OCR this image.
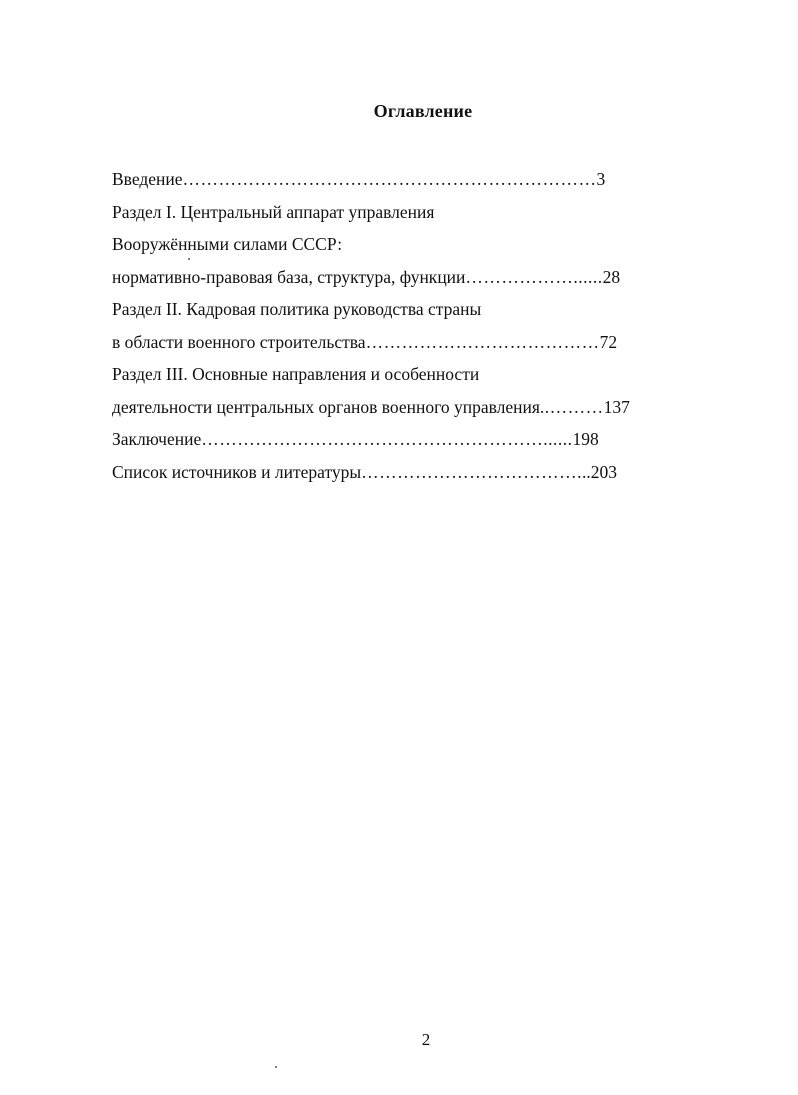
Оглавление
Введение……………………………………………………………3
Раздел I. Центральный аппарат управления
Вооружёнными силами СССР:
нормативно-правовая база, структура, функции………………......28
Раздел II. Кадровая политика руководства страны
в области военного строительства…………………………………72
Раздел III. Основные направления и особенности
деятельности центральных органов военного управления..………137
Заключение…………………………………………………......198
Список источников и литературы………………………………...203
2
